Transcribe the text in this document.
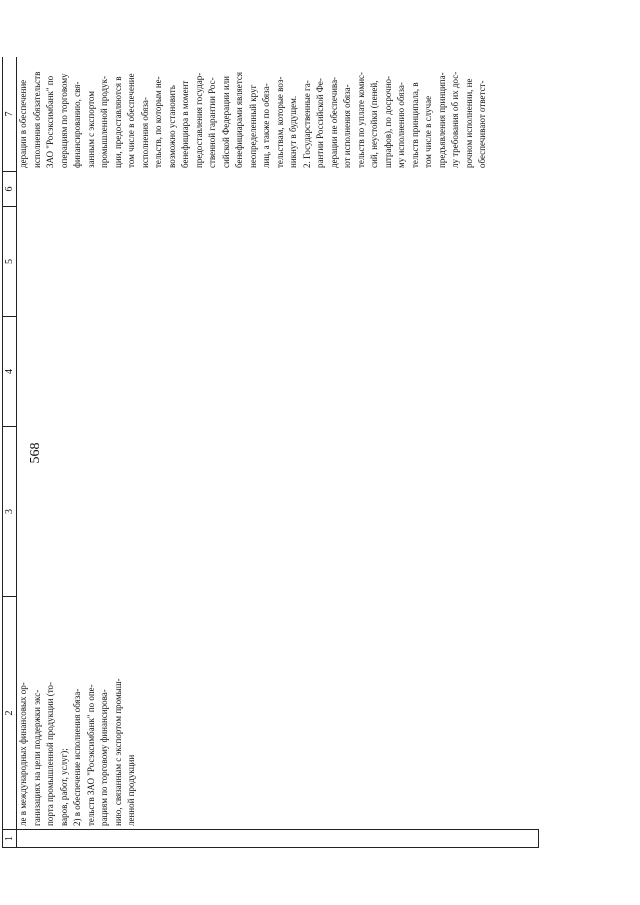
568
1
2
3
4
5
6
7
ле в международных финансовых ор-
ганизациях на цели поддержки экс-
порта промышленной продукции (то-
варов, работ, услуг);
2) в обеспечение исполнения обяза-
тельств ЗАО "Росэксимбанк" по опе-
рациям по торговому финансирова-
нию, связанным с экспортом промыш-
ленной продукции
дерации в обеспечение
исполнения обязательств
ЗАО "Росэксимбанк" по
операциям по торговому
финансированию, свя-
занным с экспортом
промышленной продук-
ции, предоставляются в
том числе в обеспечение
исполнения обяза-
тельств, по которым не-
возможно установить
бенефициара в момент
предоставления государ-
ственной гарантии Рос-
сийской Федерации или
бенефициарами является
неопределенный круг
лиц, а также по обяза-
тельствам, которые воз-
никнут в будущем.
2. Государственные га-
рантии Российской Фе-
дерации не обеспечива-
ют исполнения обяза-
тельств по уплате комис-
сий, неустойки (пеней,
штрафов), по досрочно-
му исполнению обяза-
тельств принципала, в
том числе в случае
предъявления принципа-
лу требования об их дос-
рочном исполнении, не
обеспечивают ответст-
